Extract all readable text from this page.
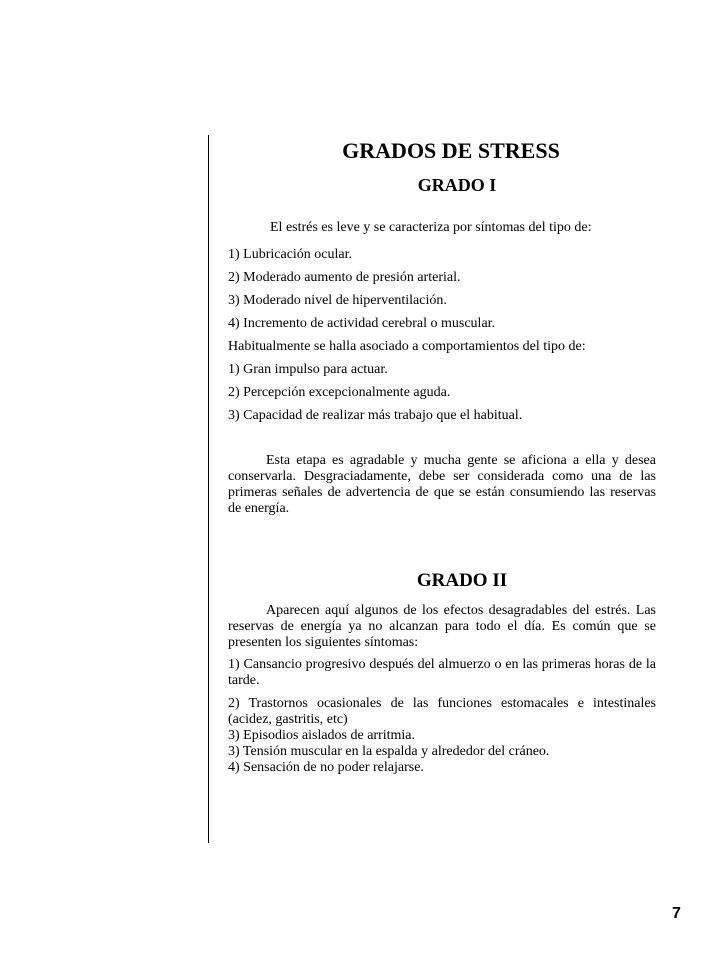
GRADOS DE STRESS
GRADO I
El estrés es leve y se caracteriza por síntomas del tipo de:
1) Lubricación ocular.
2) Moderado aumento de presión arterial.
3) Moderado nivel de hiperventilación.
4) Incremento de actividad cerebral o muscular.
Habitualmente se halla asociado a comportamientos del tipo de:
1) Gran impulso para actuar.
2) Percepción excepcionalmente aguda.
3) Capacidad de realizar más trabajo que el habitual.

Esta etapa es agradable y mucha gente se aficiona a ella y desea conservarla. Desgraciadamente, debe ser considerada como una de las primeras señales de advertencia de que se están consumiendo las reservas de energía.

GRADO II

Aparecen aquí algunos de los efectos desagradables del estrés. Las reservas de energía ya no alcanzan para todo el día. Es común que se presenten los siguientes síntomas:

1) Cansancio progresivo después del almuerzo o en las primeras horas de la tarde.

2) Trastornos ocasionales de las funciones estomacales e intestinales (acidez, gastritis, etc)

3) Episodios aislados de arritmia.

3) Tensión muscular en la espalda y alrededor del cráneo.

4) Sensación de no poder relajarse.

7
